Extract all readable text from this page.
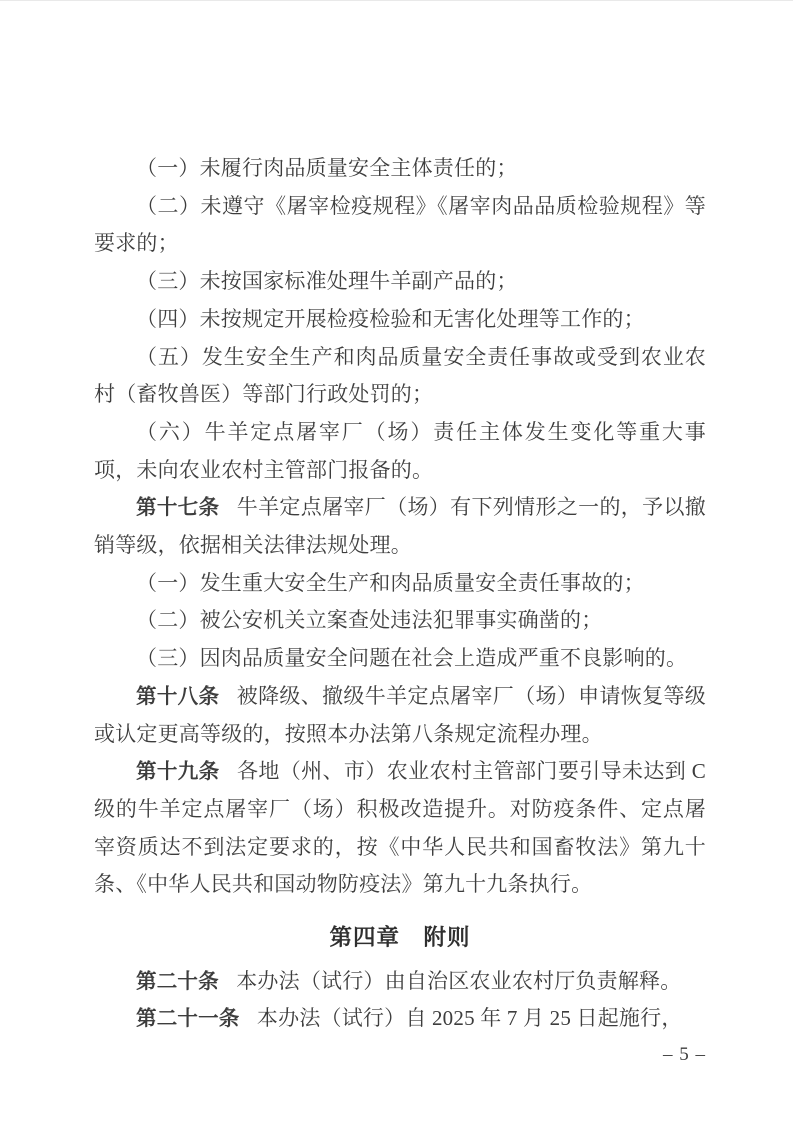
（一）未履行肉品质量安全主体责任的；

（二）未遵守《屠宰检疫规程》《屠宰肉品品质检验规程》等要求的；

（三）未按国家标准处理牛羊副产品的；

（四）未按规定开展检疫检验和无害化处理等工作的；

（五）发生安全生产和肉品质量安全责任事故或受到农业农村（畜牧兽医）等部门行政处罚的；

（六）牛羊定点屠宰厂（场）责任主体发生变化等重大事项，未向农业农村主管部门报备的。

第十七条 牛羊定点屠宰厂（场）有下列情形之一的，予以撤销等级，依据相关法律法规处理。

（一）发生重大安全生产和肉品质量安全责任事故的；

（二）被公安机关立案查处违法犯罪事实确凿的；

（三）因肉品质量安全问题在社会上造成严重不良影响的。

第十八条 被降级、撤级牛羊定点屠宰厂（场）申请恢复等级或认定更高等级的，按照本办法第八条规定流程办理。

第十九条 各地（州、市）农业农村主管部门要引导未达到 C 级的牛羊定点屠宰厂（场）积极改造提升。对防疫条件、定点屠宰资质达不到法定要求的，按《中华人民共和国畜牧法》第九十条、《中华人民共和国动物防疫法》第九十九条执行。

第四章　附则

第二十条 本办法（试行）由自治区农业农村厅负责解释。

第二十一条 本办法（试行）自 2025 年 7 月 25 日起施行，

– 5 –
